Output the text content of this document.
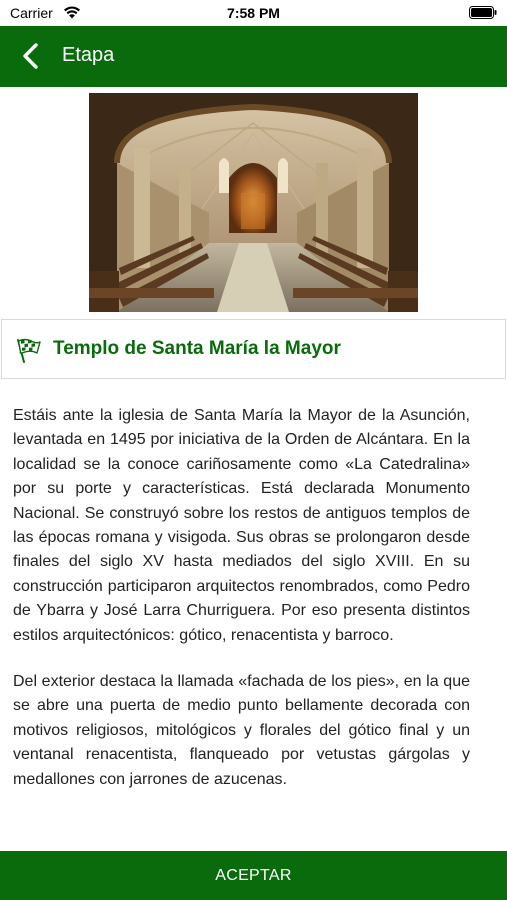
Carrier	7:58 PM
Etapa
Templo de Santa María la Mayor

Estáis ante la iglesia de Santa María la Mayor de la Asunción, levantada en 1495 por iniciativa de la Orden de Alcántara. En la localidad se la conoce cariñosamente como «La Catedralina» por su porte y características. Está declarada Monumento Nacional. Se construyó sobre los restos de antiguos templos de las épocas romana y visigoda. Sus obras se prolongaron desde finales del siglo XV hasta mediados del siglo XVIII. En su construcción participaron arquitectos renombrados, como Pedro de Ybarra y José Larra Churriguera. Por eso presenta distintos estilos arquitectónicos: gótico, renacentista y barroco.

Del exterior destaca la llamada «fachada de los pies», en la que se abre una puerta de medio punto bellamente decorada con motivos religiosos, mitológicos y florales del gótico final y un ventanal renacentista, flanqueado por vetustas gárgolas y medallones con jarrones de azucenas.

ACEPTAR
